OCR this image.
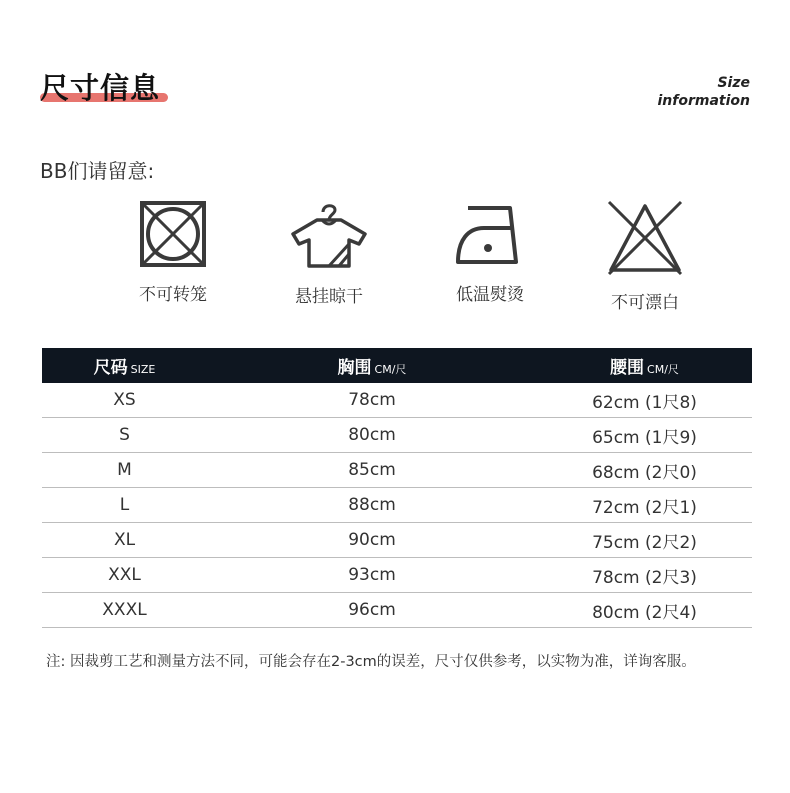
尺寸信息	Size
information
BB们请留意:
不可转笼	悬挂晾干	低温熨烫	不可漂白
尺码 SIZE	胸围 CM/尺	腰围 CM/尺
XS	78cm	62cm (1尺8)
S	80cm	65cm (1尺9)
M	85cm	68cm (2尺0)
L	88cm	72cm (2尺1)
XL	90cm	75cm (2尺2)
XXL	93cm	78cm (2尺3)
XXXL	96cm	80cm (2尺4)
注: 因裁剪工艺和测量方法不同，可能会存在2-3cm的误差，尺寸仅供参考，以实物为准，详询客服。
